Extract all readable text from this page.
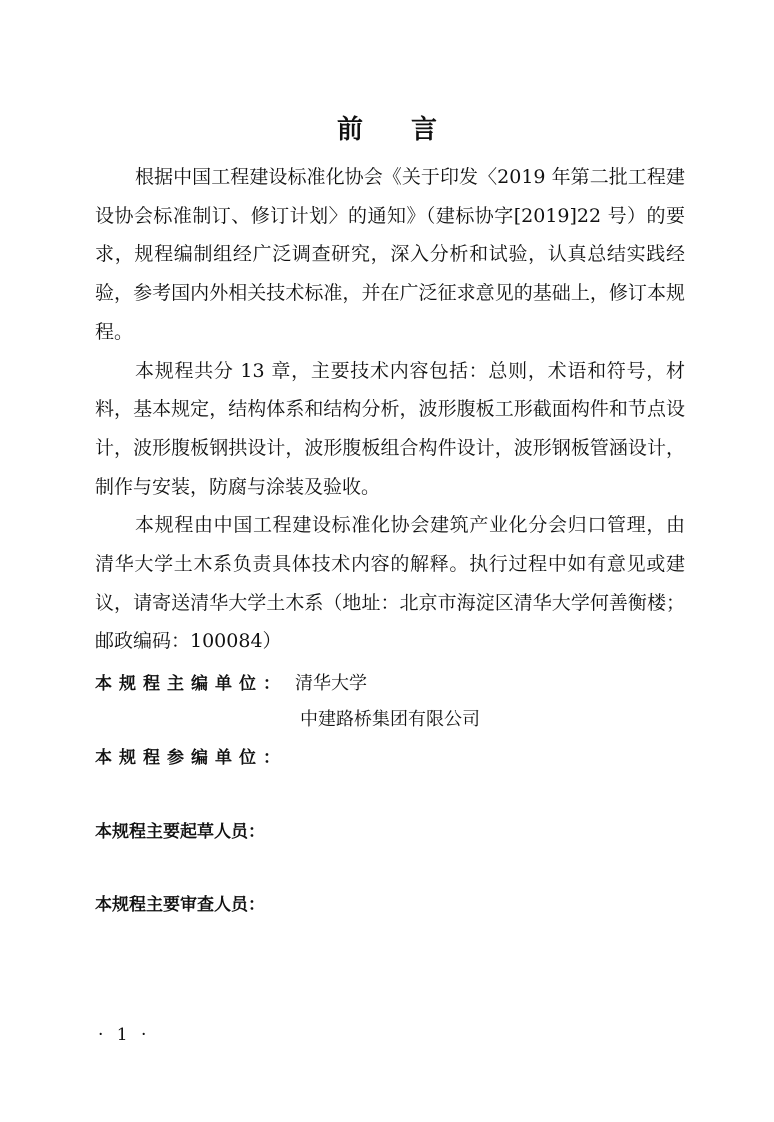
前言

根据中国工程建设标准化协会《关于印发〈2019 年第二批工程建设协会标准制订、修订计划〉的通知》（建标协字[2019]22 号）的要求，规程编制组经广泛调查研究，深入分析和试验，认真总结实践经验，参考国内外相关技术标准，并在广泛征求意见的基础上，修订本规程。

本规程共分 13 章，主要技术内容包括：总则，术语和符号，材料，基本规定，结构体系和结构分析，波形腹板工形截面构件和节点设计，波形腹板钢拱设计，波形腹板组合构件设计，波形钢板管涵设计，制作与安装，防腐与涂装及验收。

本规程由中国工程建设标准化协会建筑产业化分会归口管理，由清华大学土木系负责具体技术内容的解释。执行过程中如有意见或建议，请寄送清华大学土木系（地址：北京市海淀区清华大学何善衡楼；邮政编码：100084）

本规程主编单位： 清华大学
中建路桥集团有限公司
本规程参编单位：
本规程主要起草人员：
本规程主要审查人员：
· 1 ·
